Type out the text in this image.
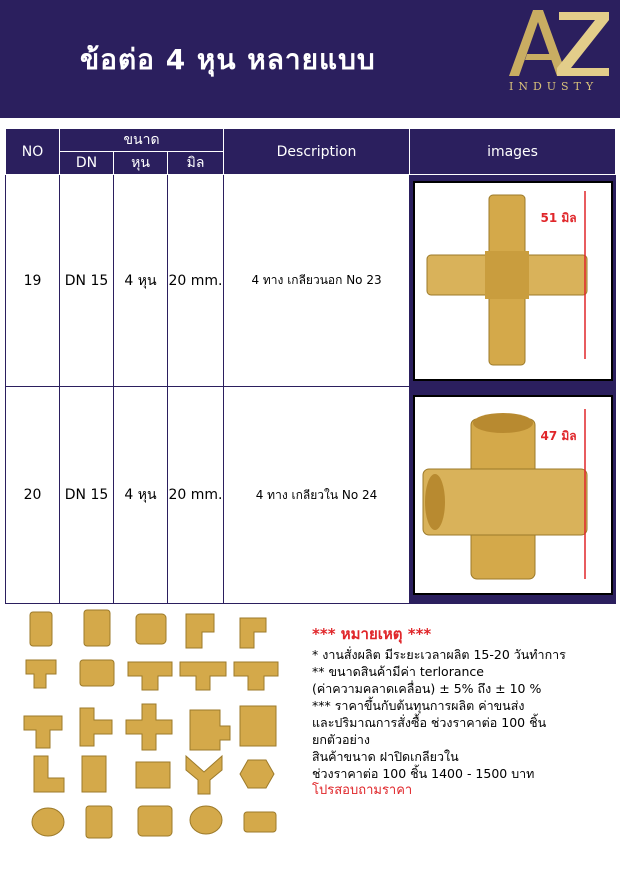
ข้อต่อ 4 หุน หลายแบบ
INDUSTY
NO	ขนาด			Description	images
	DN	หุน	มิล		
19	DN 15	4 หุน	20 mm.	4 ทาง เกลียวนอก No 23	51 มิล

20	DN 15	4 หุน	20 mm.	4 ทาง เกลียวใน No 24	47 มิล
*** หมายเหตุ ***
* งานสั่งผลิต มีระยะเวลาผลิต 15-20 วันทำการ
** ขนาดสินค้ามีค่า terlorance
(ค่าความคลาดเคลื่อน) ± 5% ถึง ± 10 %
*** ราคาขึ้นกับต้นทุนการผลิต ค่าขนส่ง
และปริมาณการสั่งซื้อ ช่วงราคาต่อ 100 ชิ้น
ยกตัวอย่าง
สินค้าขนาด ฝาปิดเกลียวใน
ช่วงราคาต่อ 100 ชิ้น 1400 - 1500 บาท
โปรสอบถามราคา
